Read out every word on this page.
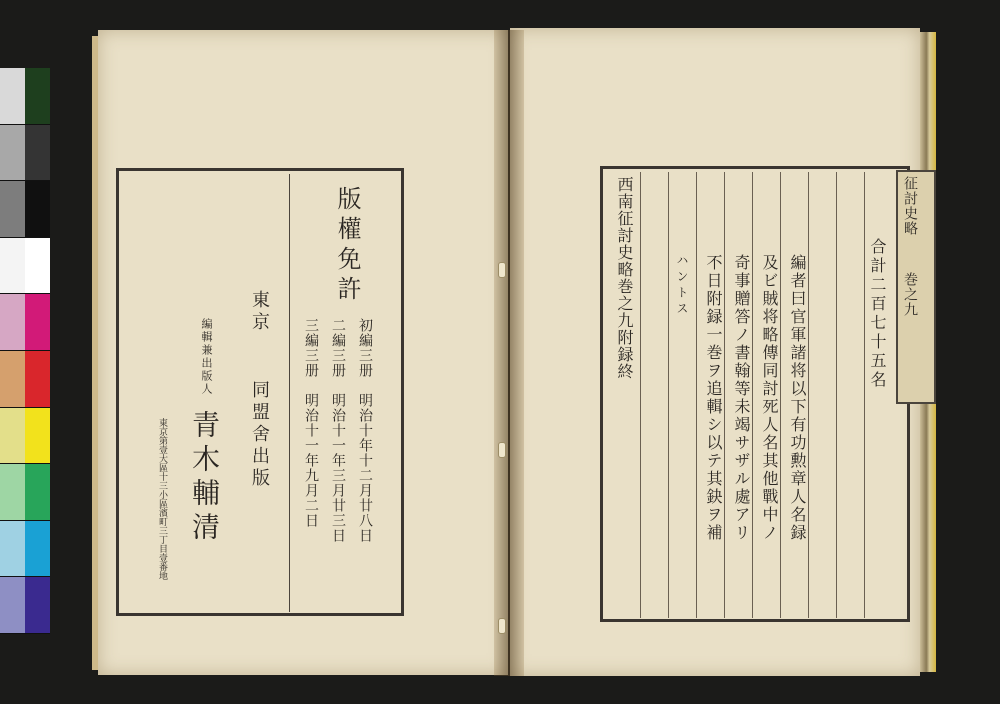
版權免許
初編三册　明治十年十二月廿八日
二編三册　明治十一年三月廿三日
三編三册　明治十一年九月二日
東京
同盟舍出版
編輯兼出版人
青木輔清
東京第壹大區十三小區濱町三丁目壹番地
征討史略
巻之九
合計二百七十五名
編者曰官軍諸将以下有功勲章人名録
及ビ賊将略傳同討死人名其他戰中ノ
奇事贈答ノ書翰等未竭サザル處アリ
不日附録一巻ヲ追輯シ以テ其鈌ヲ補
ハントス
西南征討史略巻之九附録終
